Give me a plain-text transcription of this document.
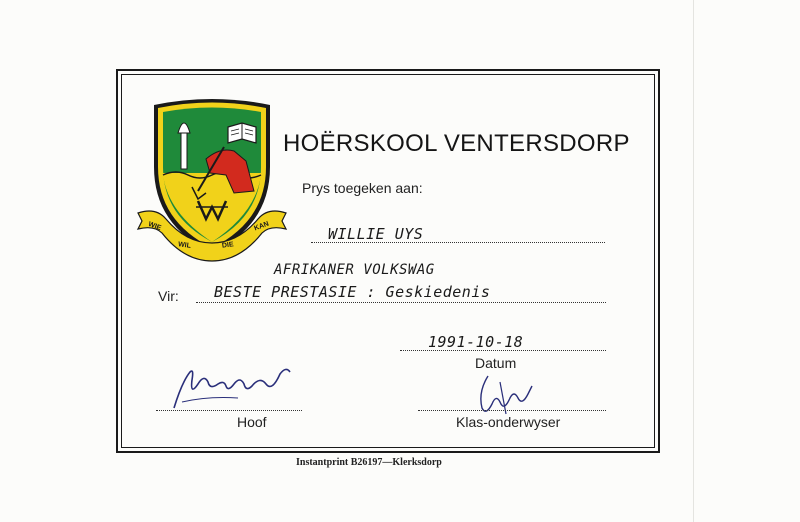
WIE
WIL	DIE
KAN
HOËRSKOOL VENTERSDORP
Prys toegeken aan:
WILLIE UYS
AFRIKANER VOLKSWAG
Vir: BESTE PRESTASIE : Geskiedenis
1991-10-18
Datum
Hoof	Klas-onderwyser
Instantprint B26197—Klerksdorp
